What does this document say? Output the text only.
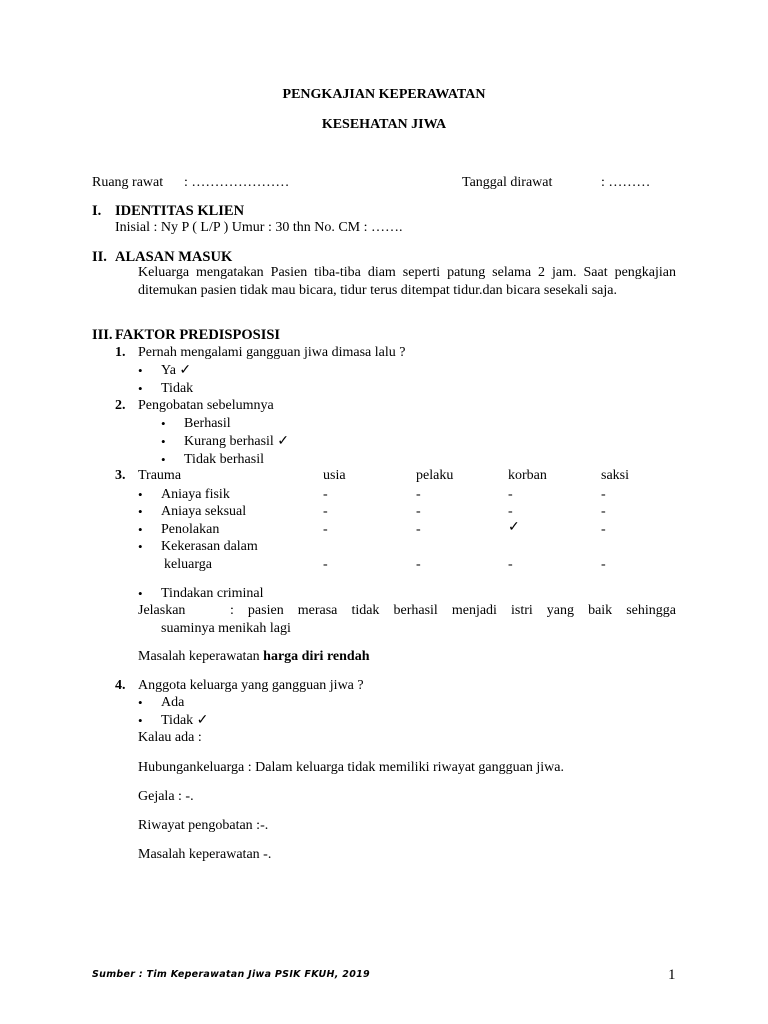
PENGKAJIAN KEPERAWATAN
KESEHATAN JIWA
Ruang rawat : …………………	Tanggal dirawat	: ………
I. IDENTITAS KLIEN
Inisial : Ny P ( L/P ) Umur : 30 thn No. CM : …….
II. ALASAN MASUK
Keluarga mengatakan Pasien tiba-tiba diam seperti patung selama 2 jam. Saat pengkajian ditemukan pasien tidak mau bicara, tidur terus ditempat tidur.dan bicara sesekali saja.
III. FAKTOR PREDISPOSISI
1. Pernah mengalami gangguan jiwa dimasa lalu ?
• Ya ✓
• Tidak
2. Pengobatan sebelumnya
• Berhasil
• Kurang berhasil ✓
• Tidak berhasil
3. Trauma	usia	pelaku	korban	saksi
• Aniaya fisik	-	-	-	-
• Aniaya seksual	-	-	-	-
• Penolakan	-	-	✓	-
• Kekerasan dalam
keluarga	-	-	-	-
• Tindakan criminal
Jelaskan	: pasien merasa tidak berhasil menjadi istri yang baik sehingga
suaminya menikah lagi
Masalah keperawatan harga diri rendah
4. Anggota keluarga yang gangguan jiwa ?
• Ada
• Tidak ✓
Kalau ada :
Hubungankeluarga : Dalam keluarga tidak memiliki riwayat gangguan jiwa.
Gejala : -.
Riwayat pengobatan :-.
Masalah keperawatan -.
Sumber : Tim Keperawatan Jiwa PSIK FKUH, 2019	1
